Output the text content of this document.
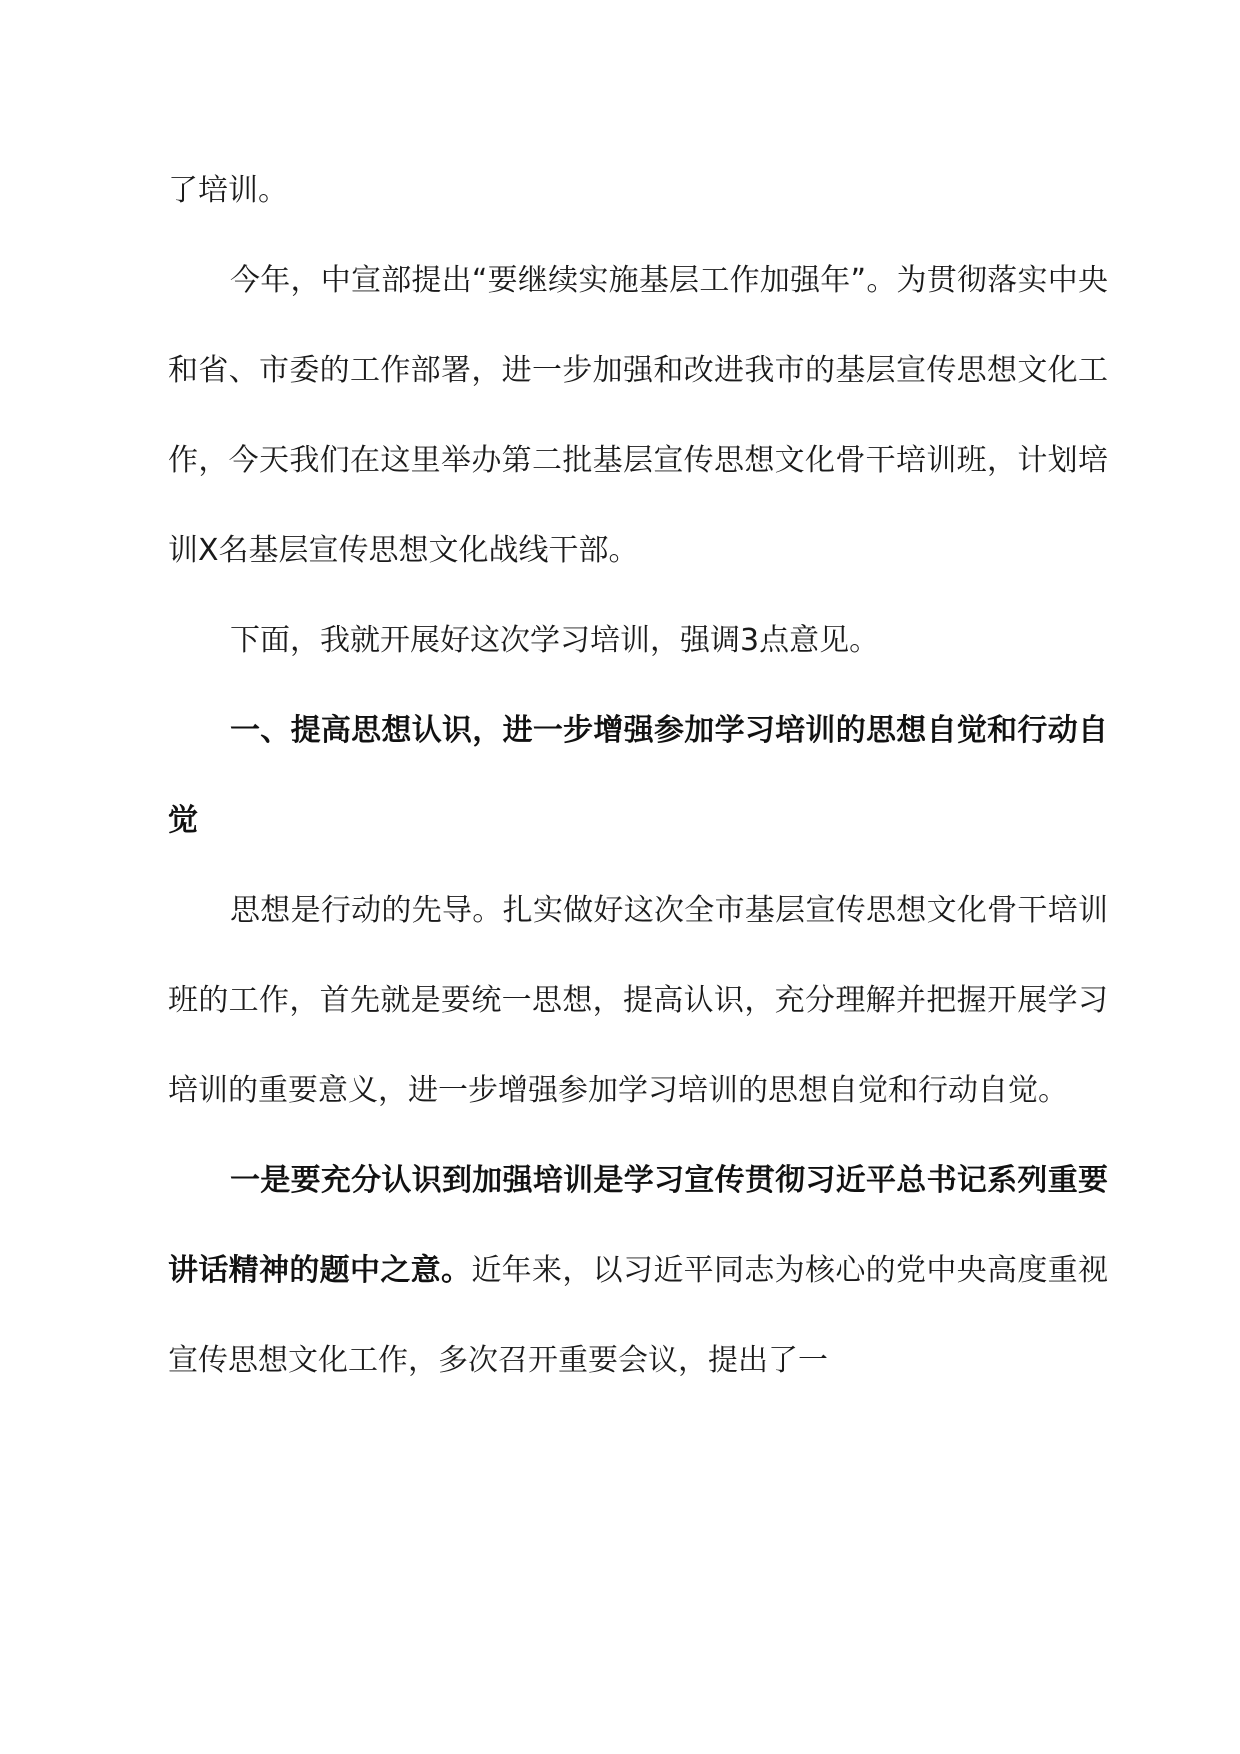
了培训。

今年，中宣部提出“要继续实施基层工作加强年”。为贯彻落实中央和省、市委的工作部署，进一步加强和改进我市的基层宣传思想文化工作，今天我们在这里举办第二批基层宣传思想文化骨干培训班，计划培训X名基层宣传思想文化战线干部。

下面，我就开展好这次学习培训，强调3点意见。

一、提高思想认识，进一步增强参加学习培训的思想自觉和行动自觉

思想是行动的先导。扎实做好这次全市基层宣传思想文化骨干培训班的工作，首先就是要统一思想，提高认识，充分理解并把握开展学习培训的重要意义，进一步增强参加学习培训的思想自觉和行动自觉。

一是要充分认识到加强培训是学习宣传贯彻习近平总书记系列重要讲话精神的题中之意。近年来，以习近平同志为核心的党中央高度重视宣传思想文化工作，多次召开重要会议，提出了一
